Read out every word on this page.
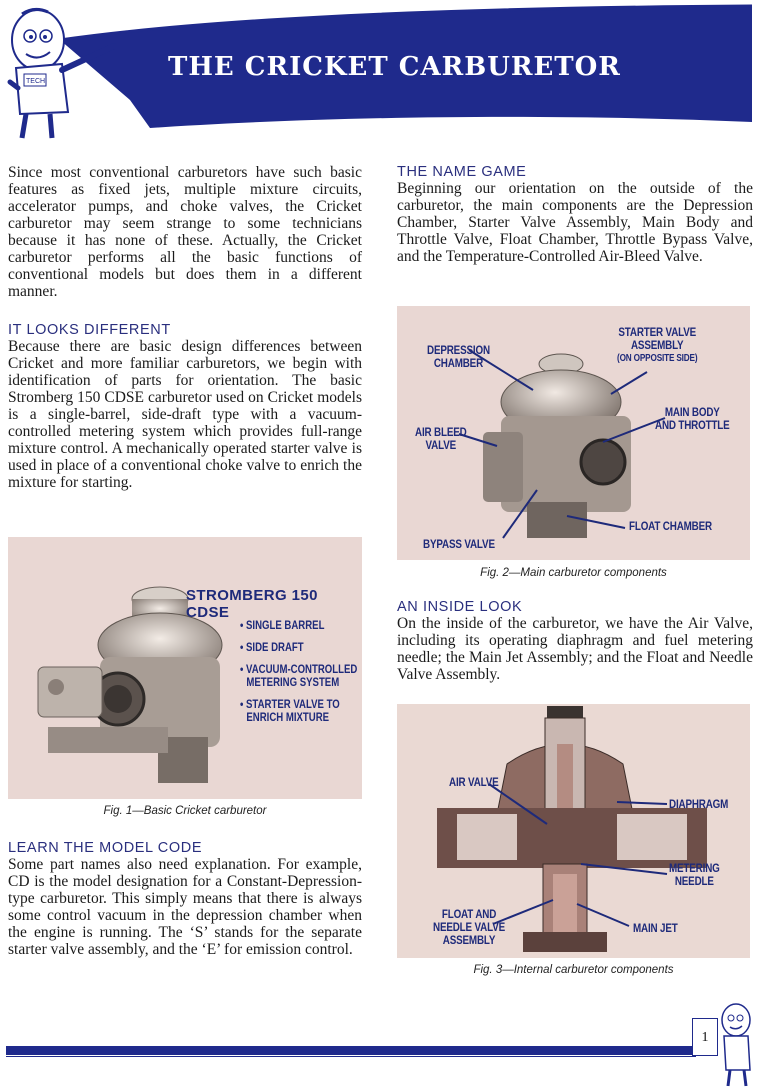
THE CRICKET CARBURETOR
TECH

Since most conventional carburetors have such basic features as fixed jets, multiple mixture circuits, accelerator pumps, and choke valves, the Cricket carburetor may seem strange to some technicians because it has none of these. Actually, the Cricket carburetor performs all the basic functions of conventional models but does them in a different manner.

IT LOOKS DIFFERENT

Because there are basic design differences between Cricket and more familiar carburetors, we begin with identification of parts for orientation. The basic Stromberg 150 CDSE carburetor used on Cricket models is a single-barrel, side-draft type with a vacuum-controlled metering system which provides full-range mixture control. A mechanically operated starter valve is used in place of a conventional choke valve to enrich the mixture for starting.

STROMBERG 150 CDSE
• SINGLE BARREL
• SIDE DRAFT
• VACUUM-CONTROLLED
METERING SYSTEM
• STARTER VALVE TO
ENRICH MIXTURE
Fig. 1—Basic Cricket carburetor
LEARN THE MODEL CODE

Some part names also need explanation. For example, CD is the model designation for a Constant-Depression-type carburetor. This simply means that there is always some control vacuum in the depression chamber when the engine is running. The ‘S’ stands for the separate starter valve assembly, and the ‘E’ for emission control.

THE NAME GAME

Beginning our orientation on the outside of the carburetor, the main components are the Depression Chamber, Starter Valve Assembly, Main Body and Throttle Valve, Float Chamber, Throttle Bypass Valve, and the Temperature-Controlled Air-Bleed Valve.

DEPRESSION
CHAMBER
STARTER VALVE
ASSEMBLY
(ON OPPOSITE SIDE)
MAIN BODY
AND THROTTLE
AIR BLEED
VALVE
FLOAT CHAMBER
BYPASS VALVE
Fig. 2—Main carburetor components
AN INSIDE LOOK

On the inside of the carburetor, we have the Air Valve, including its operating diaphragm and fuel metering needle; the Main Jet Assembly; and the Float and Needle Valve Assembly.

AIR VALVE
DIAPHRAGM
METERING
NEEDLE
FLOAT AND
NEEDLE VALVE
ASSEMBLY
MAIN JET
Fig. 3—Internal carburetor components
1
